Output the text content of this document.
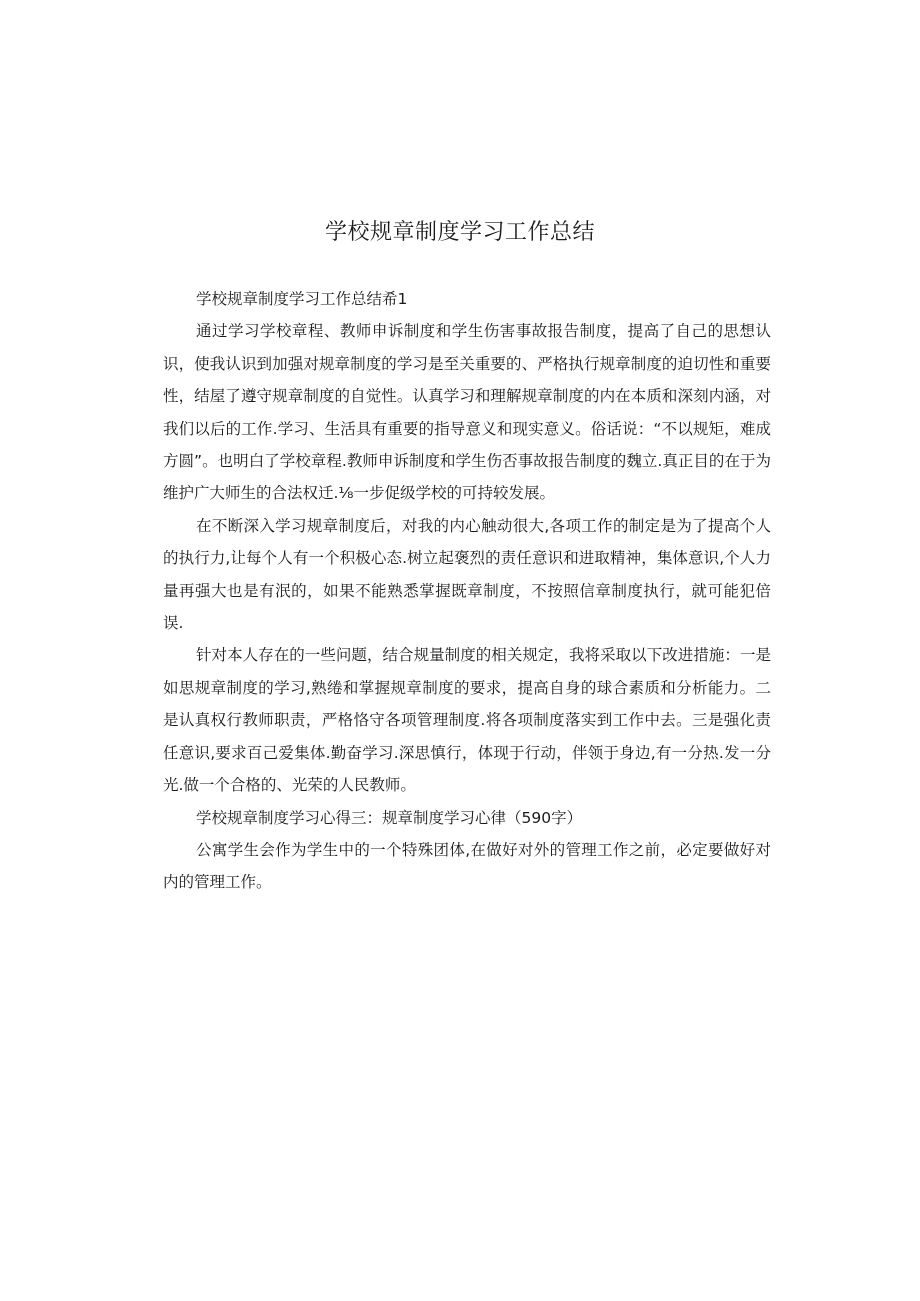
学校规章制度学习工作总结

学校规章制度学习工作总结希1

通过学习学校章程、教师申诉制度和学生伤害事故报告制度，提高了自己的思想认识，使我认识到加强对规章制度的学习是至关重要的、严格执行规章制度的迫切性和重要性，结屋了遵守规章制度的自觉性。认真学习和理解规章制度的内在本质和深刻内涵，对我们以后的工作.学习、生活具有重要的指导意义和现实意义。俗话说：“不以规矩，难成方圆”。也明白了学校章程.教师申诉制度和学生伤否事故报告制度的魏立.真正目的在于为维护广大师生的合法权迁.⅛一步促级学校的可持较发展。

在不断深入学习规章制度后，对我的内心触动很大,各项工作的制定是为了提高个人的执行力,让每个人有一个积极心态.树立起褒烈的责任意识和进取精神，集体意识,个人力量再强大也是有泯的，如果不能熟悉掌握既章制度，不按照信章制度执行，就可能犯倍误.

针对本人存在的一些问题，结合规量制度的相关规定，我将采取以下改进措施：一是如思规章制度的学习,熟绻和掌握规章制度的要求，提高自身的球合素质和分析能力。二是认真权行教师职责，严格恪守各项管理制度.将各项制度落实到工作中去。三是强化责任意识,要求百己爱集体.勤奋学习.深思慎行，体现于行动，伴领于身边,有一分热.发一分光.做一个合格的、光荣的人民教师。

学校规章制度学习心得三：规章制度学习心律（590字）

公寓学生会作为学生中的一个特殊团体,在做好对外的管理工作之前，必定要做好对内的管理工作。
